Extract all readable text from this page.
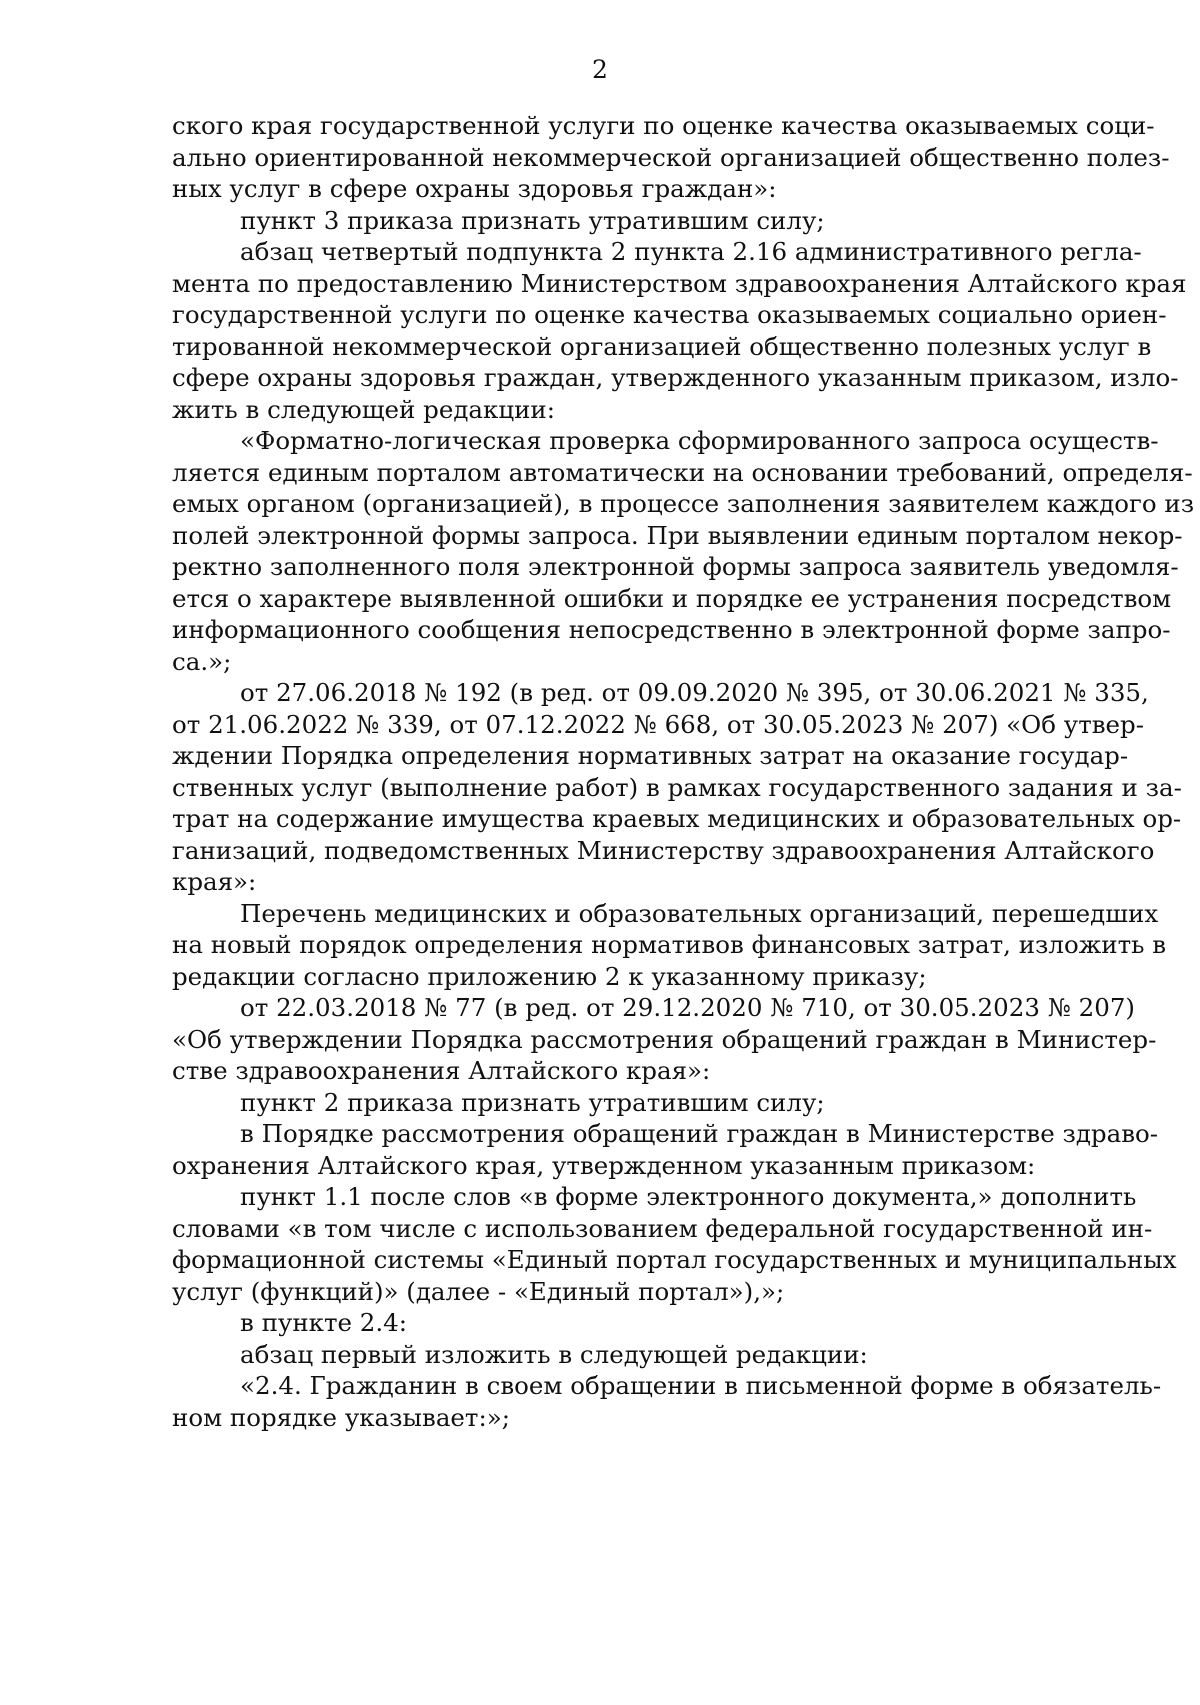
2
ского края государственной услуги по оценке качества оказываемых соци-
ально ориентированной некоммерческой организацией общественно полез-
ных услуг в сфере охраны здоровья граждан»:
пункт 3 приказа признать утратившим силу;
абзац четвертый подпункта 2 пункта 2.16 административного регла-
мента по предоставлению Министерством здравоохранения Алтайского края
государственной услуги по оценке качества оказываемых социально ориен-
тированной некоммерческой организацией общественно полезных услуг в
сфере охраны здоровья граждан, утвержденного указанным приказом, изло-
жить в следующей редакции:
«Форматно-логическая проверка сформированного запроса осуществ-
ляется единым порталом автоматически на основании требований, определя-
емых органом (организацией), в процессе заполнения заявителем каждого из
полей электронной формы запроса. При выявлении единым порталом некор-
ректно заполненного поля электронной формы запроса заявитель уведомля-
ется о характере выявленной ошибки и порядке ее устранения посредством
информационного сообщения непосредственно в электронной форме запро-
са.»;
от 27.06.2018 № 192 (в ред. от 09.09.2020 № 395, от 30.06.2021 № 335,
от 21.06.2022 № 339, от 07.12.2022 № 668, от 30.05.2023 № 207) «Об утвер-
ждении Порядка определения нормативных затрат на оказание государ-
ственных услуг (выполнение работ) в рамках государственного задания и за-
трат на содержание имущества краевых медицинских и образовательных ор-
ганизаций, подведомственных Министерству здравоохранения Алтайского
края»:
Перечень медицинских и образовательных организаций, перешедших
на новый порядок определения нормативов финансовых затрат, изложить в
редакции согласно приложению 2 к указанному приказу;
от 22.03.2018 № 77 (в ред. от 29.12.2020 № 710, от 30.05.2023 № 207)
«Об утверждении Порядка рассмотрения обращений граждан в Министер-
стве здравоохранения Алтайского края»:
пункт 2 приказа признать утратившим силу;
в Порядке рассмотрения обращений граждан в Министерстве здраво-
охранения Алтайского края, утвержденном указанным приказом:
пункт 1.1 после слов «в форме электронного документа,» дополнить
словами «в том числе с использованием федеральной государственной ин-
формационной системы «Единый портал государственных и муниципальных
услуг (функций)» (далее - «Единый портал»),»;
в пункте 2.4:
абзац первый изложить в следующей редакции:
«2.4. Гражданин в своем обращении в письменной форме в обязатель-
ном порядке указывает:»;
